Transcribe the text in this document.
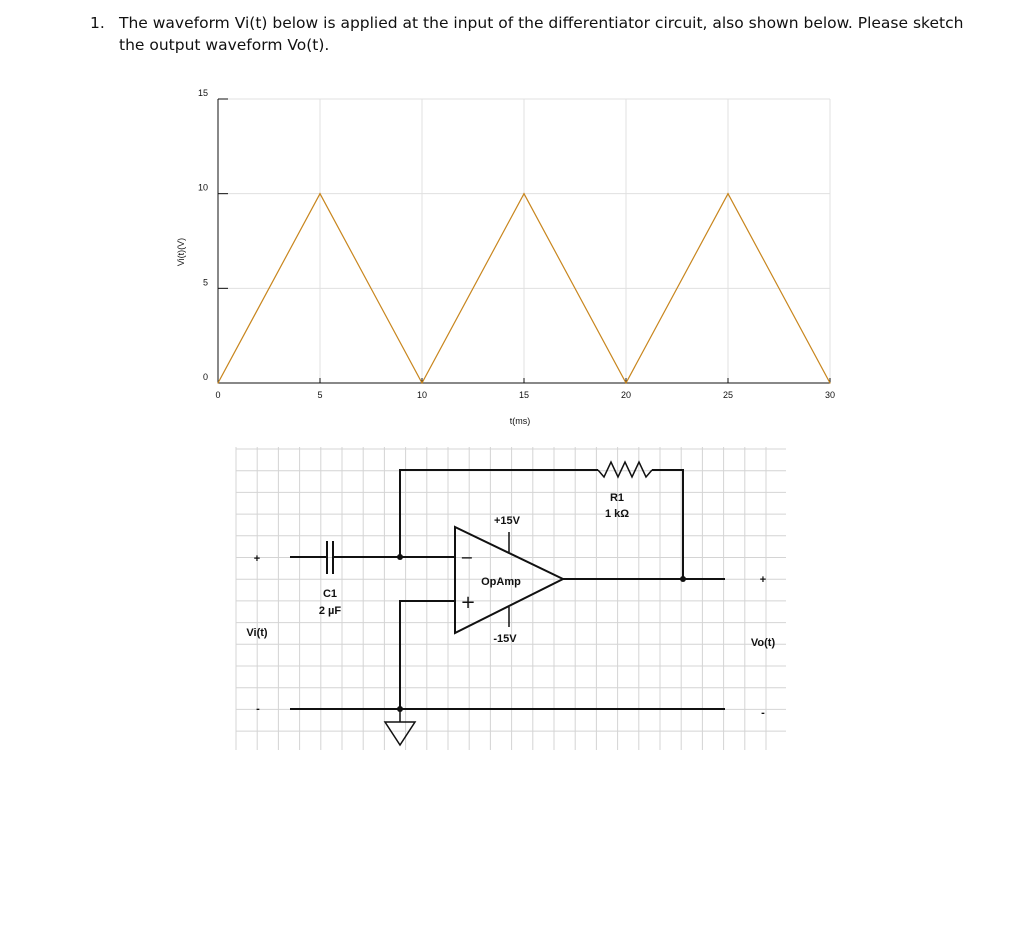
1. The waveform Vi(t) below is applied at the input of the differentiator circuit, also shown below. Please sketch the output waveform Vo(t).
0	5	10	15	20	25	30
0
5
10
15
t(ms)
Vi(t)(V)
+
Vi(t)
-
C1
2 µF
R1
1 kΩ
+15V
-15V
OpAmp
−
+
+
Vo(t)
-
